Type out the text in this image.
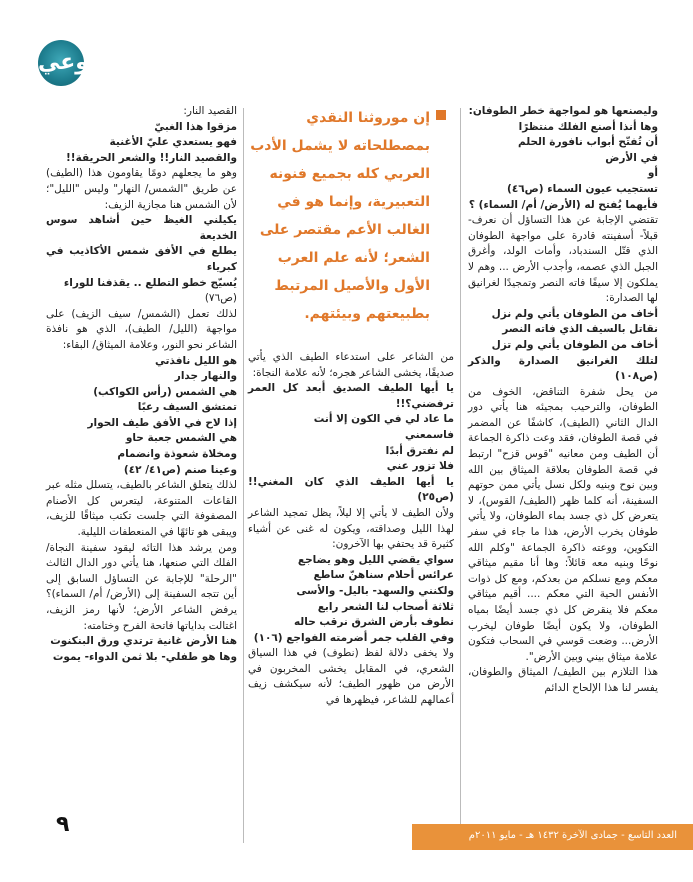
الوعي
إن موروثنا النقدي بمصطلحاته لا يشمل الأدب العربي كله بجميع فنونه التعبيرية، وإنما هو في الغالب الأعم مقتصر على الشعر؛ لأنه علم العرب الأول والأصيل المرتبط بطبيعتهم وبيئتهم.

وليصنعها هو لمواجهة خطر الطوفان:

وها أنذا أصنع الفلك منتظرًا

أن تُفتّح أبواب نافورة الحلم

في الأرض

أو

تستجيب عيون السماء (ص٤٦)

فأيهما يُفتح له (الأرض/ أم/ السماء) ؟

تقتضي الإجابة عن هذا التساؤل أن نعرف- قبلاً- أسفينته قادرة على مواجهة الطوفان الذي قتّل السندباد، وأمات الولد، وأغرق الجبل الذي عصمه، وأجدب الأرض ... وهم لا يملكون إلا سيفًا فاته النصر وتمجيدًا لغرانيق لها الصدارة:

أخاف من الطوفان يأتي ولم نزل

نقاتل بالسيف الذي فاته النصر

أخاف من الطوفان يأتي ولم تزل

لتلك الغرانيق الصدارة والذكر (ص١٠٨)

من يحل شفرة التناقض، الخوف من الطوفان، والترحيب بمجيئه هنا يأتي دور الدال الثاني (الطيف)، كاشفًا عن المضمر في قصة الطوفان، فقد وعت ذاكرة الجماعة أن الطيف ومن معانيه "قوس قزح" ارتبط في قصة الطوفان بعلاقة الميثاق بين الله وبين نوح وبنيه ولكل نسل يأتي ممن حوتهم السفينة، أنه كلما ظهر (الطيف/ القوس)، لا يتعرض كل ذي جسد بماء الطوفان، ولا يأتي طوفان يخرب الأرض، هذا ما جاء في سفر التكوين، ووعته ذاكرة الجماعة "وكلم الله نوحًا وبنيه معه قائلاً: وها أنا مقيم ميثاقي معكم ومع نسلكم من بعدكم، ومع كل ذوات الأنفس الحية التي معكم .... أقيم ميثاقي معكم فلا ينقرض كل ذي جسد أيضًا بمياه الطوفان، ولا يكون أيضًا طوفان ليخرب الأرض... وضعت قوسي في السحاب فتكون علامة ميثاق بيني وبين الأرض".

هذا التلازم بين الطيف/ الميثاق والطوفان، يفسر لنا هذا الإلحاح الدائم

من الشاعر على استدعاء الطيف الذي يأتي صديقًا، يخشى الشاعر هجره؛ لأنه علامة النجاة:

يا أيها الطيف الصديق أبعد كل العمر ترفضني؟!!

ما عاد لي في الكون إلا أنت

فاسمعني

لم نفترق أبدًا

فلا تزور عني

يا أيها الطيف الذي كان المغني!! (ص٢٥)

ولأن الطيف لا يأتي إلا ليلاً، يظل تمجيد الشاعر لهذا الليل وصداقته، ويكون له غنى عن أشياء كثيرة قد يحتفي بها الآخرون:

سواي يقضي الليل وهو يضاجع

عرائس أحلام سناهنّ ساطع

ولكنني والسهد- باليل- والأسى

ثلاثة أصحاب لنا الشعر رابع

نطوف بأرض الشرق نرقب حاله

وفي القلب جمر أضرمته الفواجع (١٠٦)

ولا يخفى دلالة لفظ (نطوف) في هذا السياق الشعري، في المقابل يخشى المخربون في الأرض من ظهور الطيف؛ لأنه سيكشف زيف أعمالهم للشاعر، فيظهرها في

القصيد النار:

مزقوا هذا الغبيّ

فهو يستعدي عليّ الأغنية

والقصيد النار!! والشعر الحريقة!!

وهو ما يجعلهم دومًا يقاومون هذا (الطيف) عن طريق "الشمس/ النهار" وليس "الليل"؛ لأن الشمس هنا مجازية الزيف:

يكيلني الغيظ حين أشاهد سوس الخديعة

يطلع في الأفق شمس الأكاذيب في كبرياء

يُسيّج خطو التطلع .. يقذفنا للوراء

(ص٧٦)

لذلك تعمل (الشمس/ سيف الزيف) على مواجهة (الليل/ الطيف)، الذي هو نافذة الشاعر نحو النور، وعلامة الميثاق/ البقاء:

هو الليل نافذتي

والنهار جدار

هي الشمس (رأس الكواكب)

تمتشق السيف رعبًا

إذا لاح في الأفق طيف الحوار

هي الشمس جعبة حاو

ومخلاة شعوذة وانضمام

وعينا صنم (ص٤١/ ٤٢)

لذلك يتعلق الشاعر بالطيف، يتسلل مثله عبر القاعات المتنوعة، ليتعرس كل الأصنام المصفوفة التي جلست تكتب ميثاقًا للزيف، ويبقى هو تائهًا في المنعطفات الليلية.

ومن يرشد هذا التائه ليقود سفينة النجاة/ الفلك التي صنعها، هنا يأتي دور الدال الثالث "الرحلة" للإجابة عن التساؤل السابق إلى أين تتجه السفينة إلى (الأرض/ أم/ السماء)؟ يرفض الشاعر الأرض؛ لأنها رمز الزيف، اغتالت بداياتها فاتحة الفرح وختامته:

هنا الأرض غانية ترتدي ورق البنكنوت

وها هو طفلي- بلا ثمن الدواء- يموت

العدد التاسع - جمادى الآخرة ١٤٣٢ هـ - مايو ٢٠١١م
٩
